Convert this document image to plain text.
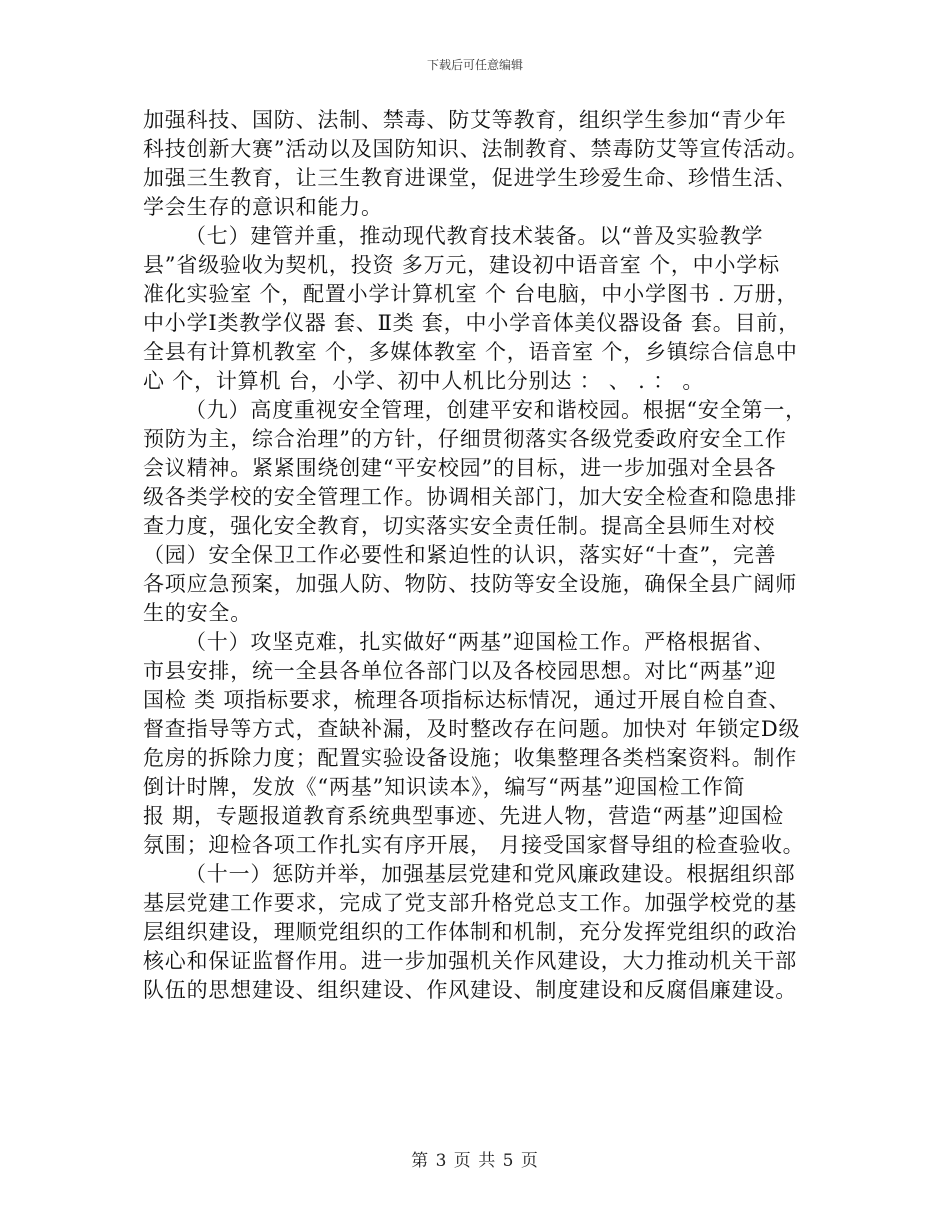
下载后可任意编辑
加强科技、国防、法制、禁毒、防艾等教育，组织学生参加“青少年
科技创新大赛”活动以及国防知识、法制教育、禁毒防艾等宣传活动。
加强三生教育，让三生教育进课堂，促进学生珍爱生命、珍惜生活、
学会生存的意识和能力。
（七）建管并重，推动现代教育技术装备。以“普及实验教学
县”省级验收为契机，投资 多万元，建设初中语音室 个，中小学标
准化实验室 个，配置小学计算机室 个 台电脑，中小学图书 . 万册，
中小学Ⅰ类教学仪器 套、Ⅱ类 套，中小学音体美仪器设备 套。目前，
全县有计算机教室 个，多媒体教室 个，语音室 个，乡镇综合信息中
心 个，计算机 台，小学、初中人机比分别达 ： 、 . ： 。
（九）高度重视安全管理，创建平安和谐校园。根据“安全第一，
预防为主，综合治理”的方针，仔细贯彻落实各级党委政府安全工作
会议精神。紧紧围绕创建“平安校园”的目标，进一步加强对全县各
级各类学校的安全管理工作。协调相关部门，加大安全检查和隐患排
查力度，强化安全教育，切实落实安全责任制。提高全县师生对校
（园）安全保卫工作必要性和紧迫性的认识，落实好“十查”，完善
各项应急预案，加强人防、物防、技防等安全设施，确保全县广阔师
生的安全。
（十）攻坚克难，扎实做好“两基”迎国检工作。严格根据省、
市县安排，统一全县各单位各部门以及各校园思想。对比“两基”迎
国检 类 项指标要求，梳理各项指标达标情况，通过开展自检自查、
督查指导等方式，查缺补漏，及时整改存在问题。加快对 年锁定D级
危房的拆除力度；配置实验设备设施；收集整理各类档案资料。制作
倒计时牌，发放《“两基”知识读本》，编写“两基”迎国检工作简
报 期，专题报道教育系统典型事迹、先进人物，营造“两基”迎国检
氛围；迎检各项工作扎实有序开展， 月接受国家督导组的检查验收。
（十一）惩防并举，加强基层党建和党风廉政建设。根据组织部
基层党建工作要求，完成了党支部升格党总支工作。加强学校党的基
层组织建设，理顺党组织的工作体制和机制，充分发挥党组织的政治
核心和保证监督作用。进一步加强机关作风建设，大力推动机关干部
队伍的思想建设、组织建设、作风建设、制度建设和反腐倡廉建设。
第 3 页 共 5 页
